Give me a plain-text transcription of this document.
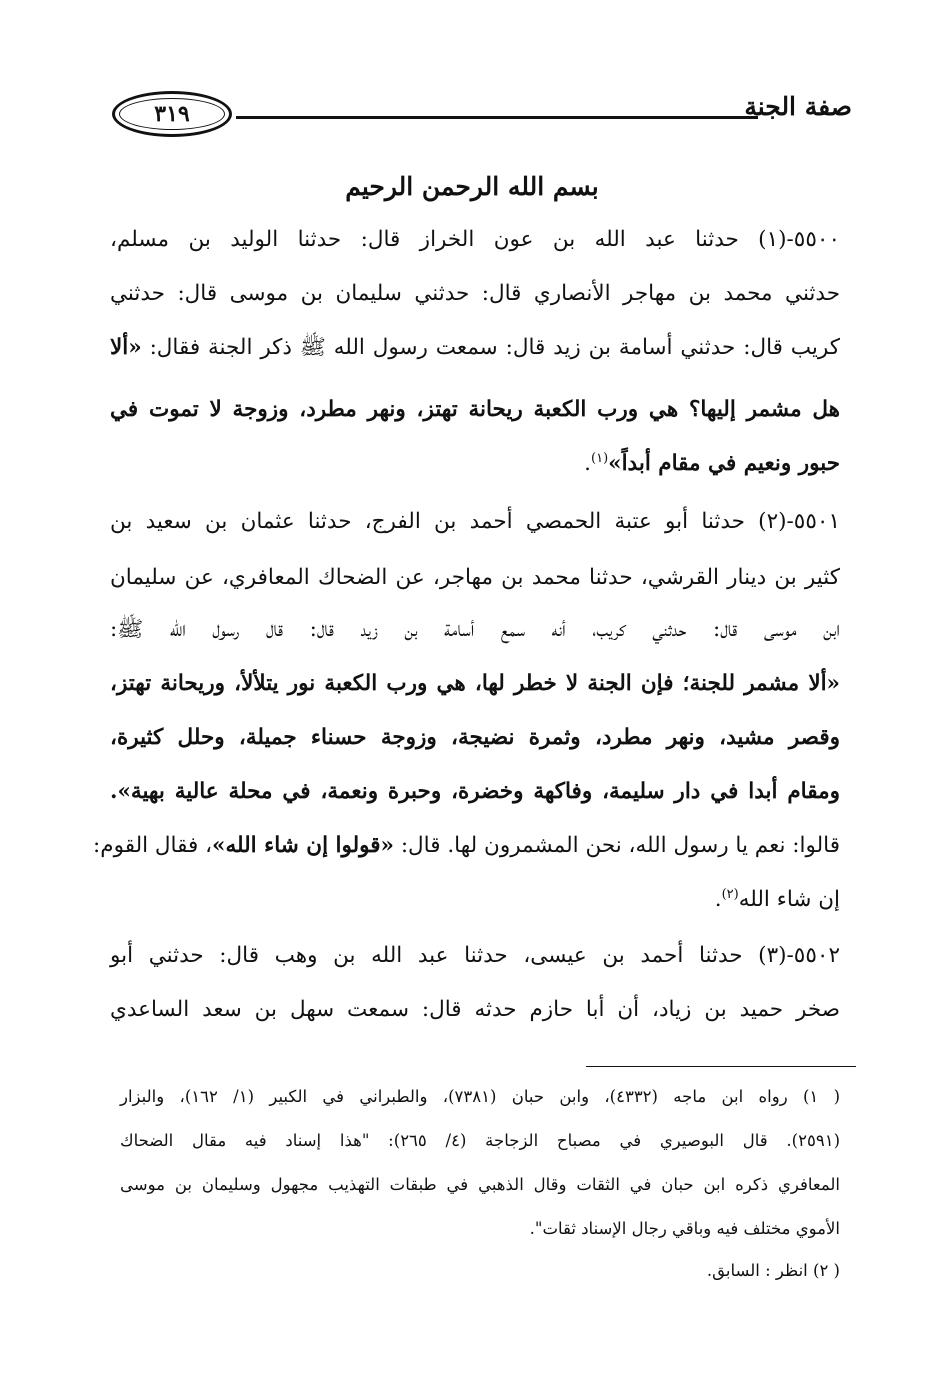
صفة الجنة
٣١٩
بسم الله الرحمن الرحيم
٥٥٠٠-(١) حدثنا عبد الله بن عون الخراز قال: حدثنا الوليد بن مسلم،
حدثني محمد بن مهاجر الأنصاري قال: حدثني سليمان بن موسى قال: حدثني
كريب قال: حدثني أسامة بن زيد قال: سمعت رسول الله ﷺ ذكر الجنة فقال: «ألا
هل مشمر إليها؟ هي ورب الكعبة ريحانة تهتز، ونهر مطرد، وزوجة لا تموت في
حبور ونعيم في مقام أبداً»$^{(١)}$.
٥٥٠١-(٢) حدثنا أبو عتبة الحمصي أحمد بن الفرج، حدثنا عثمان بن سعيد بن
كثير بن دينار القرشي، حدثنا محمد بن مهاجر، عن الضحاك المعافري، عن سليمان
ابن موسى قال: حدثني كريب، أنه سمع أسامة بن زيد قال: قال رسول الله ﷺ:
«ألا مشمر للجنة؛ فإن الجنة لا خطر لها، هي ورب الكعبة نور يتلألأ، وريحانة تهتز،
وقصر مشيد، ونهر مطرد، وثمرة نضيجة، وزوجة حسناء جميلة، وحلل كثيرة،
ومقام أبدا في دار سليمة، وفاكهة وخضرة، وحبرة ونعمة، في محلة عالية بهية».
قالوا: نعم يا رسول الله، نحن المشمرون لها. قال: «قولوا إن شاء الله»، فقال القوم:
إن شاء الله$^{(٢)}$.
٥٥٠٢-(٣) حدثنا أحمد بن عيسى، حدثنا عبد الله بن وهب قال: حدثني أبو
صخر حميد بن زياد، أن أبا حازم حدثه قال: سمعت سهل بن سعد الساعدي
( ١) رواه ابن ماجه (٤٣٣٢)، وابن حبان (٧٣٨١)، والطبراني في الكبير (١/ ١٦٢)، والبزار
(٢٥٩١). قال البوصيري في مصباح الزجاجة (٤/ ٢٦٥): "هذا إسناد فيه مقال الضحاك
المعافري ذكره ابن حبان في الثقات وقال الذهبي في طبقات التهذيب مجهول وسليمان بن موسى
الأموي مختلف فيه وباقي رجال الإسناد ثقات".
( ٢) انظر : السابق.
